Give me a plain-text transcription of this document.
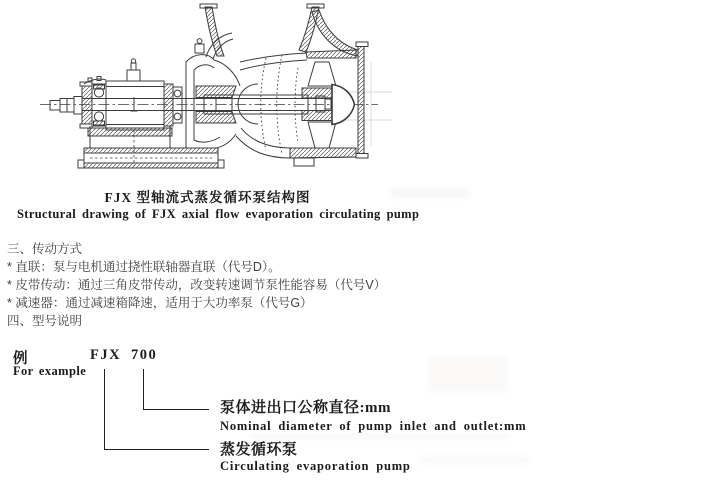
FJX 型轴流式蒸发循环泵结构图
Structural drawing of FJX axial flow evaporation circulating pump
三、传动方式
* 直联：泵与电机通过挠性联轴器直联（代号D）。
* 皮带传动：通过三角皮带传动，改变转速调节泵性能容易（代号V）
* 减速器：通过减速箱降速，适用于大功率泵（代号G）
四、型号说明
例
For example
FJX 700
泵体进出口公称直径:mm
Nominal diameter of pump inlet and outlet:mm
蒸发循环泵
Circulating evaporation pump
